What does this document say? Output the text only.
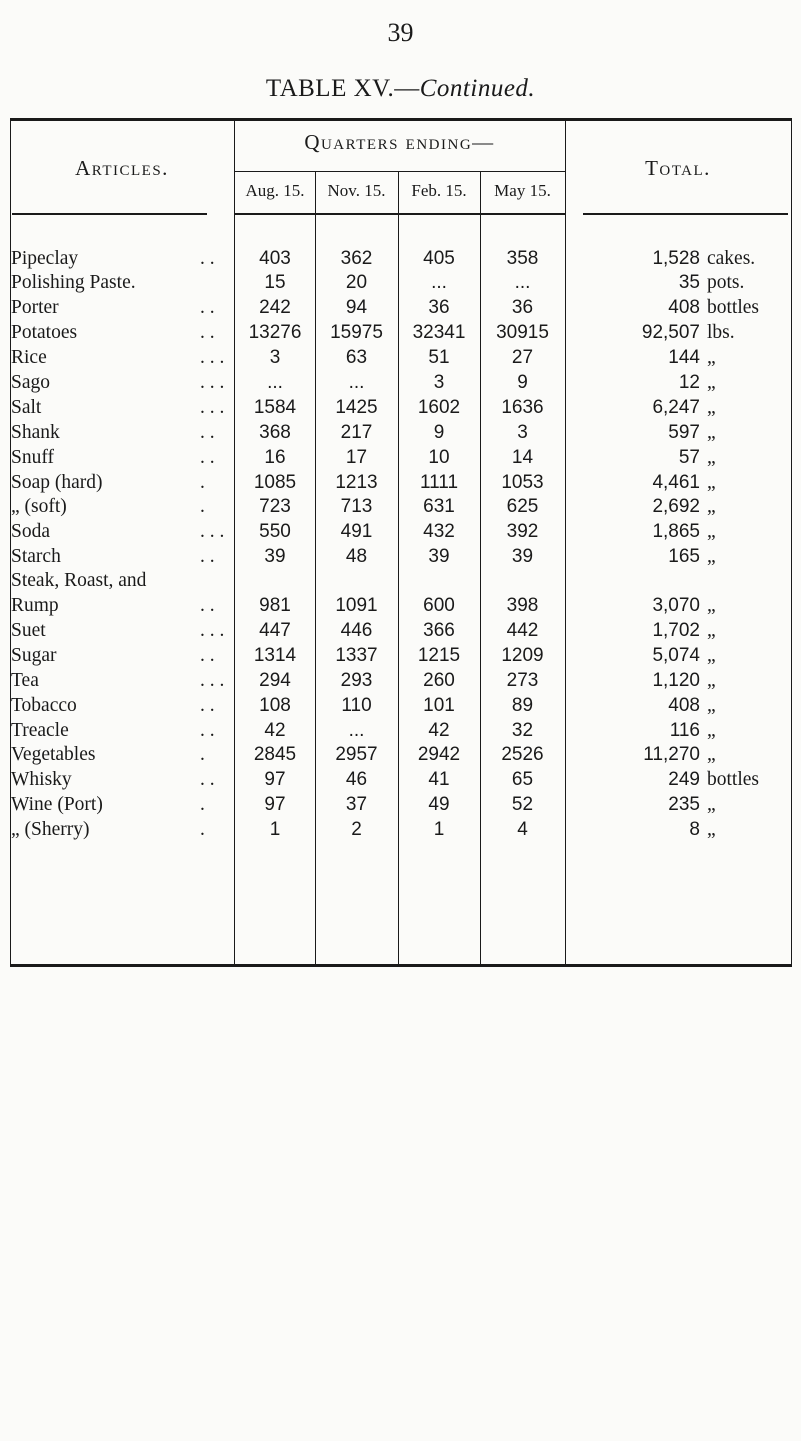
39
TABLE XV.—Continued.
Articles.
Quarters ending—
Total.
Aug. 15.	Nov. 15.	Feb. 15.	May 15.
Pipeclay	. .	403	362	405	358	1,528 cakes.
Polishing Paste.	15	20	...	...	35 pots.
Porter	. .	242	94	36	36	408 bottles
Potatoes	. .	13276	15975	32341	30915	92,507 lbs.
Rice	. . .	3	63	51	27	144 „
Sago	. . .	...	...	3	9	12 „
Salt	. . .	1584	1425	1602	1636	6,247 „
Shank	. .	368	217	9	3	597 „
Snuff	. .	16	17	10	14	57 „
Soap (hard)	.	1085	1213	1111	1053	4,461 „
„ (soft)	.	723	713	631	625	2,692 „
Soda	. . .	550	491	432	392	1,865 „
Starch	. .	39	48	39	39	165 „
Steak, Roast, and
Rump	. .	981	1091	600	398	3,070 „
Suet	. . .	447	446	366	442	1,702 „
Sugar	. .	1314	1337	1215	1209	5,074 „
Tea	. . .	294	293	260	273	1,120 „
Tobacco	. .	108	110	101	89	408 „
Treacle	. .	42	...	42	32	116 „
Vegetables	.	2845	2957	2942	2526	11,270 „
Whisky	. .	97	46	41	65	249 bottles
Wine (Port)	.	97	37	49	52	235 „
„ (Sherry)	.	1	2	1	4	8 „
